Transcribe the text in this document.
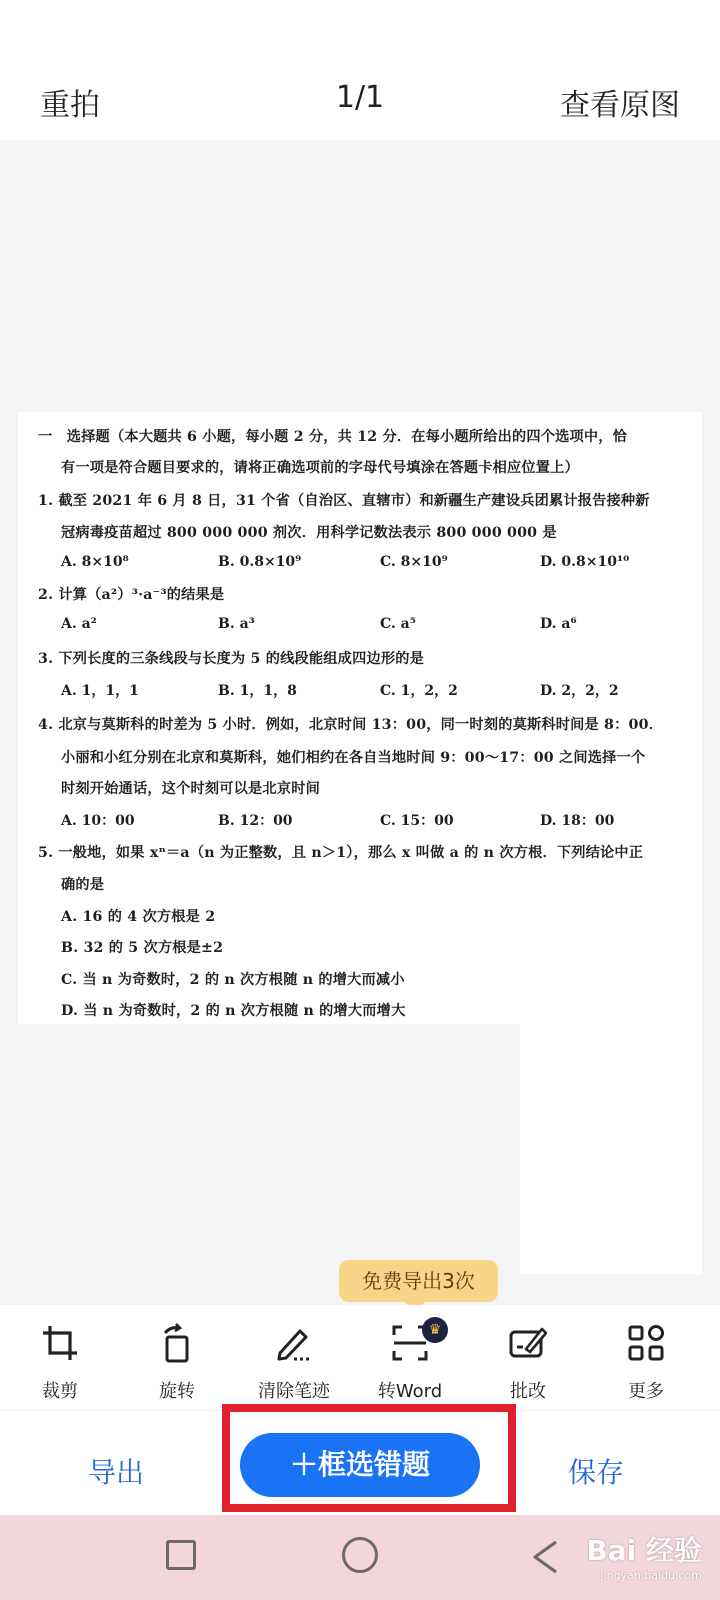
重拍	1/1	查看原图
一　选择题（本大题共 6 小题，每小题 2 分，共 12 分．在每小题所给出的四个选项中，恰
有一项是符合题目要求的，请将正确选项前的字母代号填涂在答题卡相应位置上）
1. 截至 2021 年 6 月 8 日，31 个省（自治区、直辖市）和新疆生产建设兵团累计报告接种新
冠病毒疫苗超过 800 000 000 剂次．用科学记数法表示 800 000 000 是
A. 8×10⁸	B. 0.8×10⁹	C. 8×10⁹	D. 0.8×10¹⁰
2. 计算（a²）³·a⁻³的结果是
A. a²	B. a³	C. a⁵	D. a⁶
3. 下列长度的三条线段与长度为 5 的线段能组成四边形的是
A. 1，1，1	B. 1，1，8	C. 1，2，2	D. 2，2，2
4. 北京与莫斯科的时差为 5 小时．例如，北京时间 13：00，同一时刻的莫斯科时间是 8：00．
小丽和小红分别在北京和莫斯科，她们相约在各自当地时间 9：00～17：00 之间选择一个
时刻开始通话，这个时刻可以是北京时间
A. 10：00	B. 12：00	C. 15：00	D. 18：00
5. 一般地，如果 xⁿ＝a（n 为正整数，且 n＞1），那么 x 叫做 a 的 n 次方根．下列结论中正
确的是
A. 16 的 4 次方根是 2
B. 32 的 5 次方根是±2
C. 当 n 为奇数时，2 的 n 次方根随 n 的增大而减小
D. 当 n 为奇数时，2 的 n 次方根随 n 的增大而增大
免费导出3次
裁剪	旋转	清除笔迹
♛
转Word	批改	更多
导出	＋框选错题	保存
Bai 经验
jingyan.baidu.com
